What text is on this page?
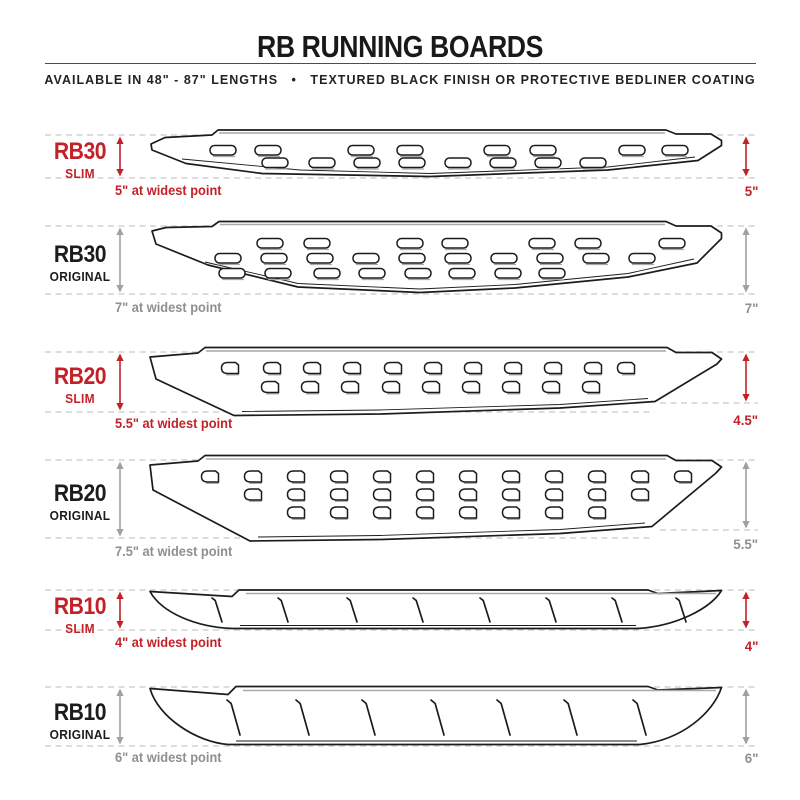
RB RUNNING BOARDS
AVAILABLE IN 48" - 87" LENGTHS   •   TEXTURED BLACK FINISH OR PROTECTIVE BEDLINER COATING
RB30
SLIM
5" at widest point	5"
RB30
ORIGINAL
7" at widest point	7"
RB20
SLIM
5.5" at widest point	4.5"
RB20
ORIGINAL
7.5" at widest point	5.5"
RB10
SLIM
4" at widest point	4"
RB10
ORIGINAL
6" at widest point	6"
